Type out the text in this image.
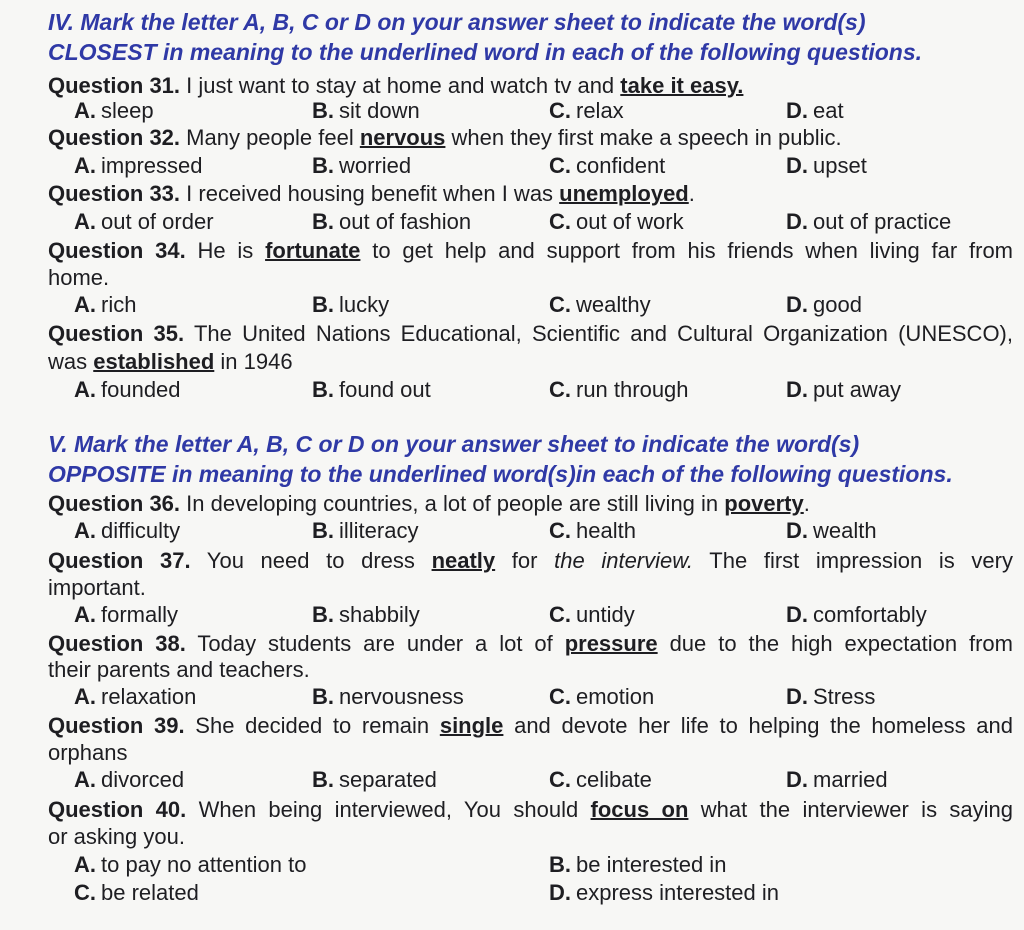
IV. Mark the letter A, B, C or D on your answer sheet to indicate the word(s)
CLOSEST in meaning to the underlined word in each of the following questions.
Question 31. I just want to stay at home and watch tv and take it easy.
A. sleep	B. sit down	C. relax	D. eat
Question 32. Many people feel nervous when they first make a speech in public.
A. impressed	B. worried	C. confident	D. upset
Question 33. I received housing benefit when I was unemployed.
A. out of order	B. out of fashion	C. out of work	D. out of practice
Question 34. He is fortunate to get help and support from his friends when living far from
home.
A. rich	B. lucky	C. wealthy	D. good
Question 35. The United Nations Educational, Scientific and Cultural Organization (UNESCO),
was established in 1946
A. founded	B. found out	C. run through	D. put away
V. Mark the letter A, B, C or D on your answer sheet to indicate the word(s)
OPPOSITE in meaning to the underlined word(s)in each of the following questions.
Question 36. In developing countries, a lot of people are still living in poverty.
A. difficulty	B. illiteracy	C. health	D. wealth
Question 37. You need to dress neatly for the interview. The first impression is very
important.
A. formally	B. shabbily	C. untidy	D. comfortably
Question 38. Today students are under a lot of pressure due to the high expectation from
their parents and teachers.
A. relaxation	B. nervousness	C. emotion	D. Stress
Question 39. She decided to remain single and devote her life to helping the homeless and
orphans
A. divorced	B. separated	C. celibate	D. married
Question 40. When being interviewed, You should focus on what the interviewer is saying
or asking you.
A. to pay no attention to	B. be interested in
C. be related	D. express interested in
